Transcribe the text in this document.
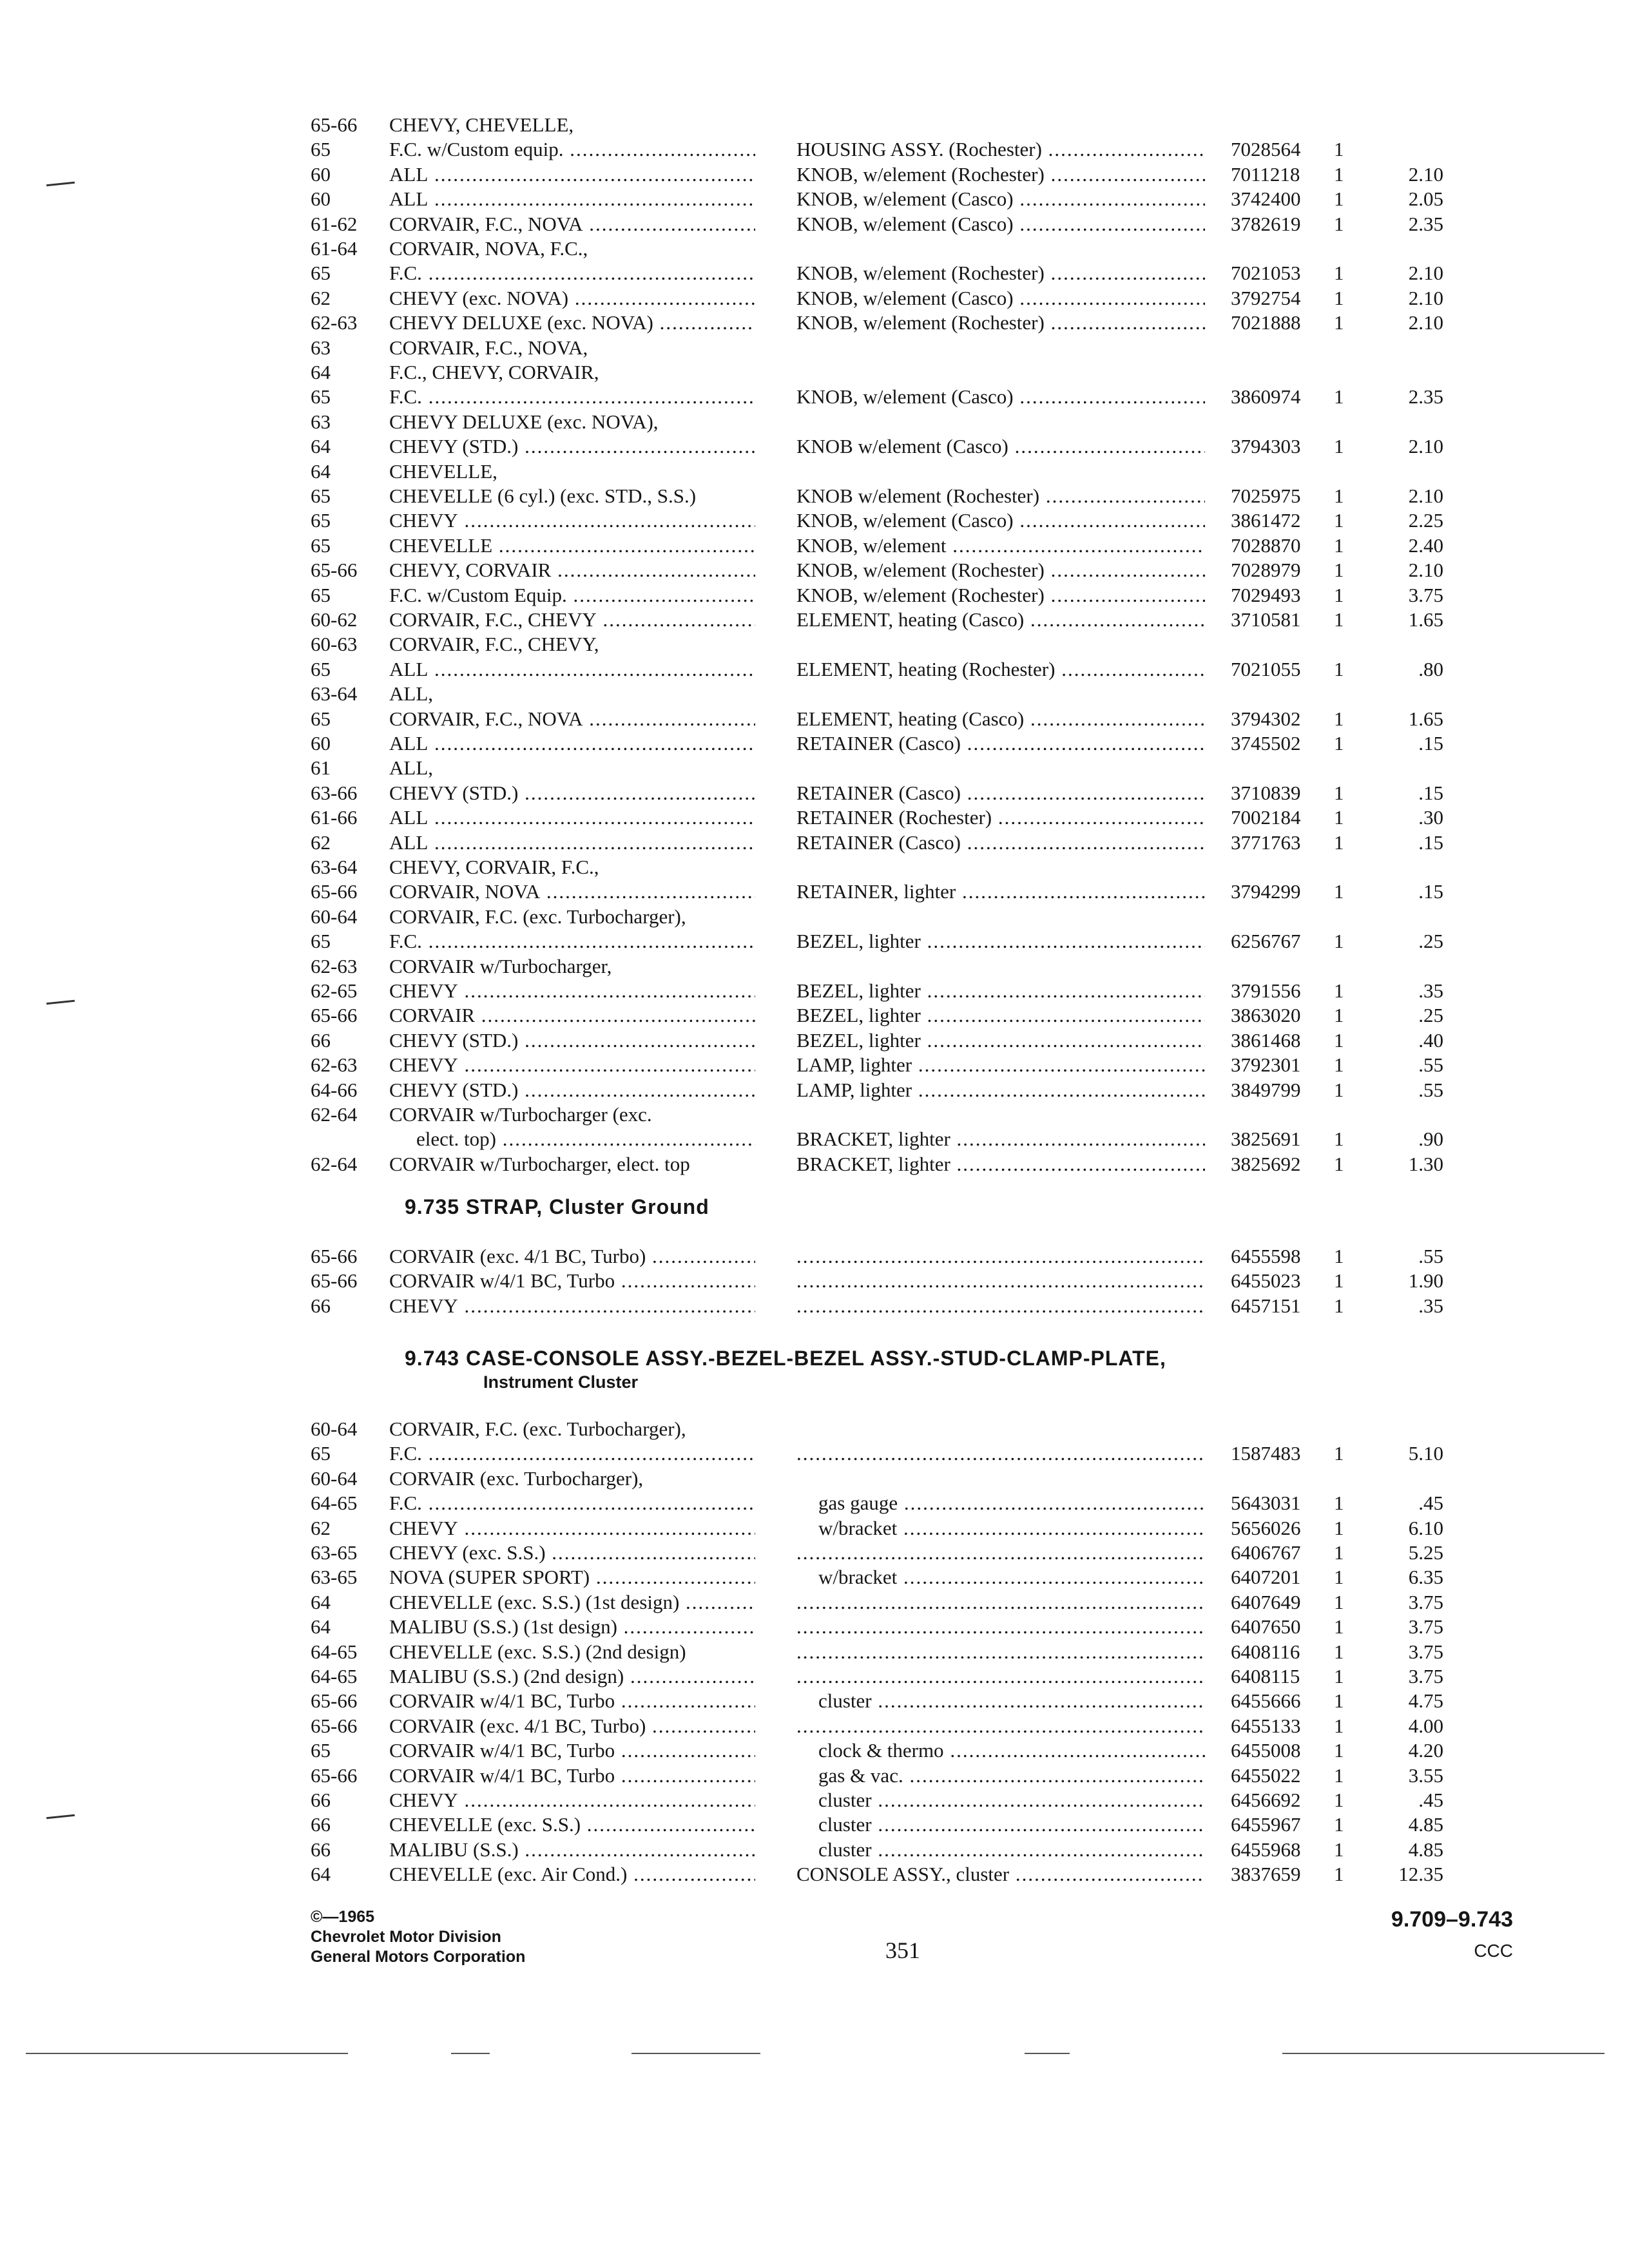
65-66	CHEVY, CHEVELLE,
65	F.C. w/Custom equip. .....	HOUSING ASSY. (Rochester) .....	7028564	1
60	ALL .....	KNOB, w/element (Rochester) .....	7011218	1	2.10
60	ALL .....	KNOB, w/element (Casco) .....	3742400	1	2.05
61-62	CORVAIR, F.C., NOVA .....	KNOB, w/element (Casco) .....	3782619	1	2.35
61-64	CORVAIR, NOVA, F.C.,
65	F.C. .....	KNOB, w/element (Rochester) .....	7021053	1	2.10
62	CHEVY (exc. NOVA) .....	KNOB, w/element (Casco) .....	3792754	1	2.10
62-63	CHEVY DELUXE (exc. NOVA) .....	KNOB, w/element (Rochester) .....	7021888	1	2.10
63	CORVAIR, F.C., NOVA,
64	F.C., CHEVY, CORVAIR,
65	F.C. .....	KNOB, w/element (Casco) .....	3860974	1	2.35
63	CHEVY DELUXE (exc. NOVA),
64	CHEVY (STD.) .....	KNOB w/element (Casco) .....	3794303	1	2.10
64	CHEVELLE,
65	CHEVELLE (6 cyl.) (exc. STD., S.S.)	KNOB w/element (Rochester) .....	7025975	1	2.10
65	CHEVY .....	KNOB, w/element (Casco) .....	3861472	1	2.25
65	CHEVELLE .....	KNOB, w/element .....	7028870	1	2.40
65-66	CHEVY, CORVAIR .....	KNOB, w/element (Rochester) .....	7028979	1	2.10
65	F.C. w/Custom Equip. .....	KNOB, w/element (Rochester) .....	7029493	1	3.75
60-62	CORVAIR, F.C., CHEVY .....	ELEMENT, heating (Casco) .....	3710581	1	1.65
60-63	CORVAIR, F.C., CHEVY,
65	ALL .....	ELEMENT, heating (Rochester) .....	7021055	1	.80
63-64	ALL,
65	CORVAIR, F.C., NOVA .....	ELEMENT, heating (Casco) .....	3794302	1	1.65
60	ALL .....	RETAINER (Casco) .....	3745502	1	.15
61	ALL,
63-66	CHEVY (STD.) .....	RETAINER (Casco) .....	3710839	1	.15
61-66	ALL .....	RETAINER (Rochester) .....	7002184	1	.30
62	ALL .....	RETAINER (Casco) .....	3771763	1	.15
63-64	CHEVY, CORVAIR, F.C.,
65-66	CORVAIR, NOVA .....	RETAINER, lighter .....	3794299	1	.15
60-64	CORVAIR, F.C. (exc. Turbocharger),
65	F.C. .....	BEZEL, lighter .....	6256767	1	.25
62-63	CORVAIR w/Turbocharger,
62-65	CHEVY .....	BEZEL, lighter .....	3791556	1	.35
65-66	CORVAIR .....	BEZEL, lighter .....	3863020	1	.25
66	CHEVY (STD.) .....	BEZEL, lighter .....	3861468	1	.40
62-63	CHEVY .....	LAMP, lighter .....	3792301	1	.55
64-66	CHEVY (STD.) .....	LAMP, lighter .....	3849799	1	.55
62-64	CORVAIR w/Turbocharger (exc.
elect. top) .....	BRACKET, lighter .....	3825691	1	.90
62-64	CORVAIR w/Turbocharger, elect. top	BRACKET, lighter .....	3825692	1	1.30
9.735 STRAP, Cluster Ground
65-66	CORVAIR (exc. 4/1 BC, Turbo) ..... .....	6455598	1	.55
65-66	CORVAIR w/4/1 BC, Turbo ..... .....	6455023	1	1.90
66	CHEVY ..... .....	6457151	1	.35
9.743 CASE-CONSOLE ASSY.-BEZEL-BEZEL ASSY.-STUD-CLAMP-PLATE,
Instrument Cluster
60-64	CORVAIR, F.C. (exc. Turbocharger),
65	F.C. ..... .....	1587483	1	5.10
60-64	CORVAIR (exc. Turbocharger),
64-65	F.C. .....	gas gauge .....	5643031	1	.45
62	CHEVY .....	w/bracket .....	5656026	1	6.10
63-65	CHEVY (exc. S.S.) ..... .....	6406767	1	5.25
63-65	NOVA (SUPER SPORT) .....	w/bracket .....	6407201	1	6.35
64	CHEVELLE (exc. S.S.) (1st design) ..... .....	6407649	1	3.75
64	MALIBU (S.S.) (1st design) ..... .....	6407650	1	3.75
64-65	CHEVELLE (exc. S.S.) (2nd design) .....	6408116	1	3.75
64-65	MALIBU (S.S.) (2nd design) ..... .....	6408115	1	3.75
65-66	CORVAIR w/4/1 BC, Turbo .....	cluster .....	6455666	1	4.75
65-66	CORVAIR (exc. 4/1 BC, Turbo) ..... .....	6455133	1	4.00
65	CORVAIR w/4/1 BC, Turbo .....	clock & thermo .....	6455008	1	4.20
65-66	CORVAIR w/4/1 BC, Turbo .....	gas & vac. .....	6455022	1	3.55
66	CHEVY .....	cluster .....	6456692	1	.45
66	CHEVELLE (exc. S.S.) .....	cluster .....	6455967	1	4.85
66	MALIBU (S.S.) .....	cluster .....	6455968	1	4.85
64	CHEVELLE (exc. Air Cond.) .....	CONSOLE ASSY., cluster .....	3837659	1	12.35
©—1965
Chevrolet Motor Division
General Motors Corporation	351
9.709–9.743
CCC
